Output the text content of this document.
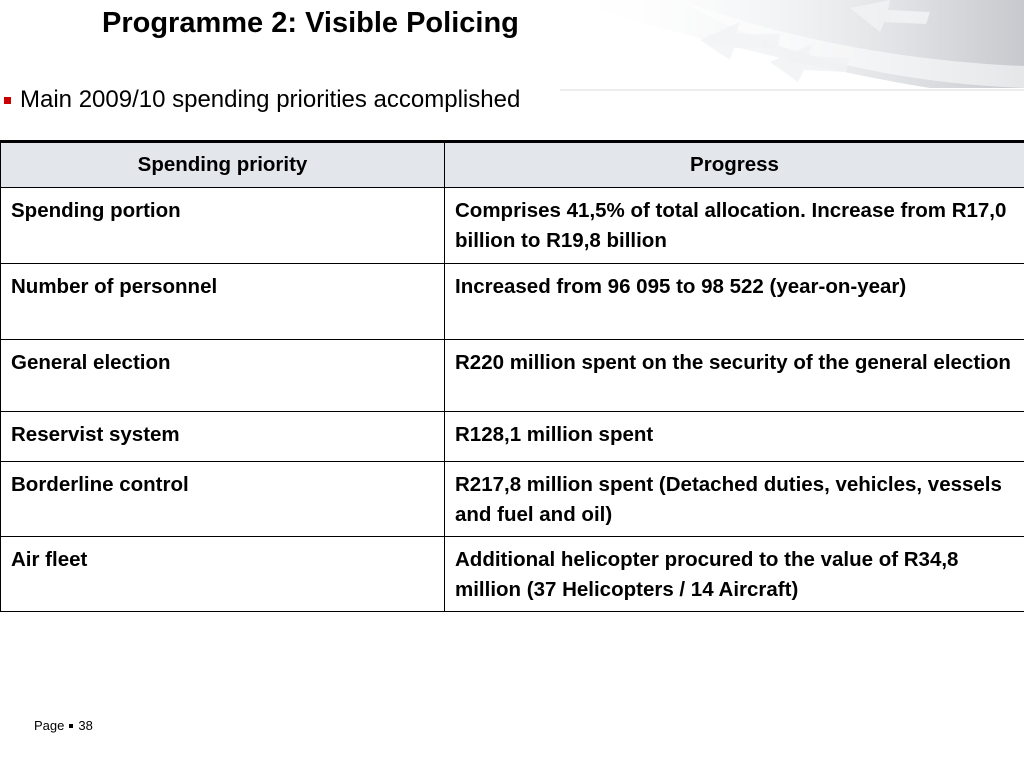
Programme 2: Visible Policing
Main 2009/10 spending priorities accomplished
Spending priority	Progress
Spending portion	Comprises 41,5% of total allocation. Increase from R17,0 billion to R19,8 billion
Number of personnel	Increased from 96 095 to 98 522 (year-on-year)
General election	R220 million spent on the security of the general election
Reservist system	R128,1 million spent
Borderline control	R217,8 million spent (Detached duties, vehicles, vessels and fuel and oil)
Air fleet	Additional helicopter procured to the value of R34,8 million (37 Helicopters / 14 Aircraft)
Page 38
